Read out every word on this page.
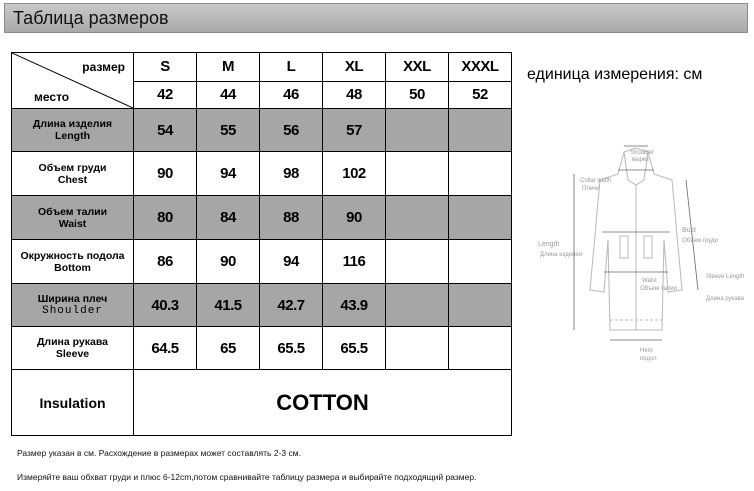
Таблица размеров
размер
место	S	M	L	XL	XXL	XXXL
	42	44	46	48	50	52

Длина изделия
Length	54	55	56	57		

Объем груди
Chest	90	94	98	102		

Объем талии
Waist	80	84	88	90		

Окружность подола
Bottom	86	90	94	116		

Ширина плеч
Shoulder	40.3	41.5	42.7	43.9		

Длина рукава
Sleeve	64.5	65	65.5	65.5		
Insulation	COTTON					
единица измерения: см
Размер указан в см. Расхождение в размерах может составлять 2-3 см.
Измеряйте ваш обхват груди и плюс 6-12cm,потом сравнивайте таблицу размера и выбирайте подходящий размер.
Shoulder
вырез
Collar width
Плечи
Length
Длина изделия
Bust
Объем груди
Waist
Объем талии
Sleeve Length
Длина рукава
Hem
подол
